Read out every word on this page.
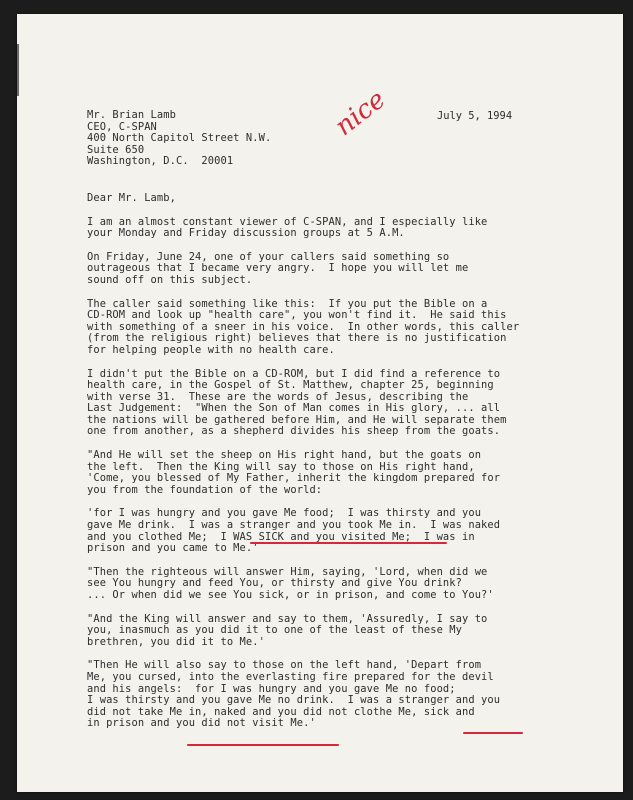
July 5, 1994
nice
Mr. Brian Lamb
CEO, C-SPAN
400 North Capitol Street N.W.
Suite 650
Washington, D.C.  20001
Dear Mr. Lamb,
I am an almost constant viewer of C-SPAN, and I especially like
your Monday and Friday discussion groups at 5 A.M.
On Friday, June 24, one of your callers said something so
outrageous that I became very angry.  I hope you will let me
sound off on this subject.
The caller said something like this:  If you put the Bible on a
CD-ROM and look up "health care", you won't find it.  He said this
with something of a sneer in his voice.  In other words, this caller
(from the religious right) believes that there is no justification
for helping people with no health care.
I didn't put the Bible on a CD-ROM, but I did find a reference to
health care, in the Gospel of St. Matthew, chapter 25, beginning
with verse 31.  These are the words of Jesus, describing the
Last Judgement:  "When the Son of Man comes in His glory, ... all
the nations will be gathered before Him, and He will separate them
one from another, as a shepherd divides his sheep from the goats.
"And He will set the sheep on His right hand, but the goats on
the left.  Then the King will say to those on His right hand,
'Come, you blessed of My Father, inherit the kingdom prepared for
you from the foundation of the world:
'for I was hungry and you gave Me food;  I was thirsty and you
gave Me drink.  I was a stranger and you took Me in.  I was naked
and you clothed Me;  I WAS SICK and you visited Me;  I was in
prison and you came to Me.'
"Then the righteous will answer Him, saying, 'Lord, when did we
see You hungry and feed You, or thirsty and give You drink?
... Or when did we see You sick, or in prison, and come to You?'
"And the King will answer and say to them, 'Assuredly, I say to
you, inasmuch as you did it to one of the least of these My
brethren, you did it to Me.'
"Then He will also say to those on the left hand, 'Depart from
Me, you cursed, into the everlasting fire prepared for the devil
and his angels:  for I was hungry and you gave Me no food;
I was thirsty and you gave Me no drink.  I was a stranger and you
did not take Me in, naked and you did not clothe Me, sick and
in prison and you did not visit Me.'
